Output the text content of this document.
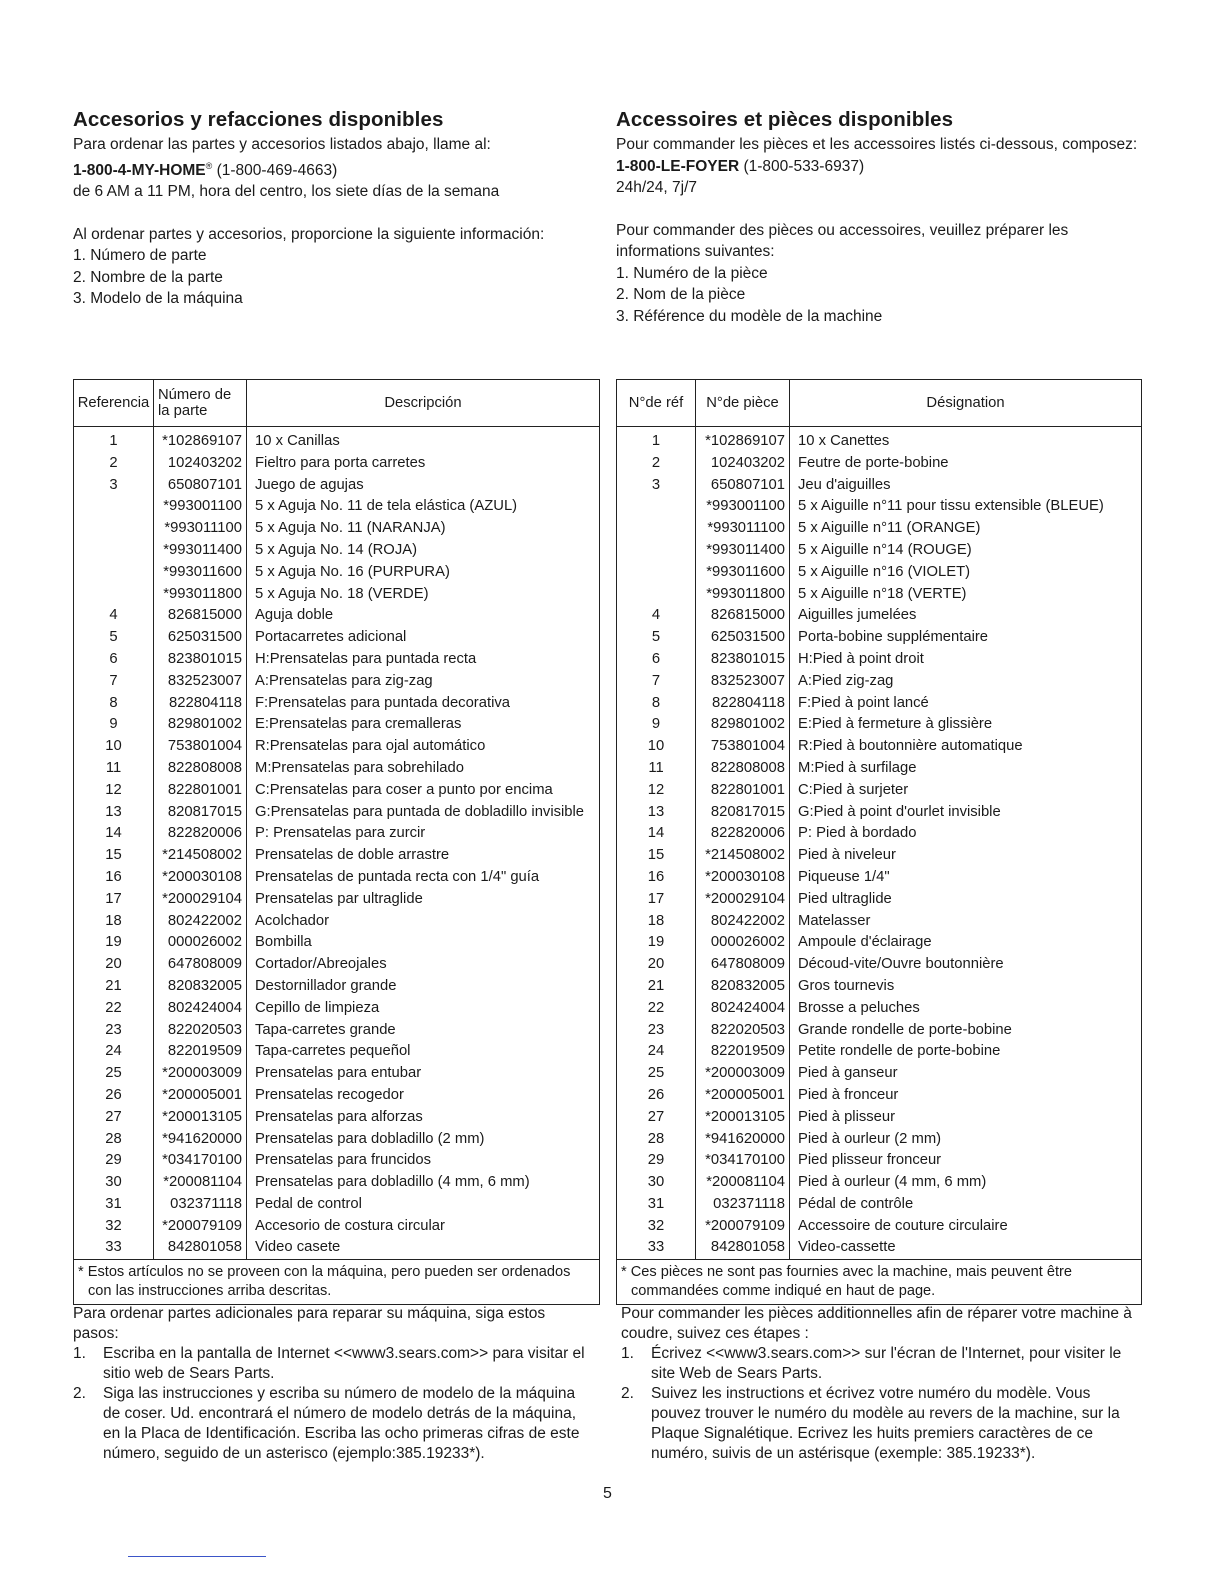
Accesorios y refacciones disponibles

Para ordenar las partes y accesorios listados abajo, llame al:

1-800-4-MY-HOME® (1-800-469-4663)

de 6 AM a 11 PM, hora del centro, los siete días de la semana

Al ordenar partes y accesorios, proporcione la siguiente información:

1. Número de parte

2. Nombre de la parte

3. Modelo de la máquina

Accessoires et pièces disponibles

Pour commander les pièces et les accessoires listés ci-dessous, composez:

1-800-LE-FOYER (1-800-533-6937)

24h/24, 7j/7

Pour commander des pièces ou accessoires, veuillez préparer les informations suivantes:

1. Numéro de la pièce

2. Nom de la pièce

3. Référence du modèle de la machine

Referencia	Número de la parte	Descripción
1	*102869107	10 x Canillas
2	102403202	Fieltro para porta carretes
3	650807101	Juego de agujas
	*993001100	5 x Aguja No. 11 de tela elástica (AZUL)
	*993011100	5 x Aguja No. 11 (NARANJA)
	*993011400	5 x Aguja No. 14 (ROJA)
	*993011600	5 x Aguja No. 16 (PURPURA)
	*993011800	5 x Aguja No. 18 (VERDE)
4	826815000	Aguja doble
5	625031500	Portacarretes adicional
6	823801015	H:Prensatelas para puntada recta
7	832523007	A:Prensatelas para zig-zag
8	822804118	F:Prensatelas para puntada decorativa
9	829801002	E:Prensatelas para cremalleras
10	753801004	R:Prensatelas para ojal automático
11	822808008	M:Prensatelas para sobrehilado
12	822801001	C:Prensatelas para coser a punto por encima
13	820817015	G:Prensatelas para puntada de dobladillo invisible
14	822820006	P: Prensatelas para zurcir
15	*214508002	Prensatelas de doble arrastre
16	*200030108	Prensatelas de puntada recta con 1/4" guía
17	*200029104	Prensatelas par ultraglide
18	802422002	Acolchador
19	000026002	Bombilla
20	647808009	Cortador/Abreojales
21	820832005	Destornillador grande
22	802424004	Cepillo de limpieza
23	822020503	Tapa-carretes grande
24	822019509	Tapa-carretes pequeñol
25	*200003009	Prensatelas para entubar
26	*200005001	Prensatelas recogedor
27	*200013105	Prensatelas para alforzas
28	*941620000	Prensatelas para dobladillo (2 mm)
29	*034170100	Prensatelas para fruncidos
30	*200081104	Prensatelas para dobladillo (4 mm, 6 mm)
31	032371118	Pedal de control
32	*200079109	Accesorio de costura circular
33	842801058	Video casete
* Estos artículos no se proveen con la máquina, pero pueden ser ordenados con las instrucciones arriba descritas.		
N°de réf	N°de pièce	Désignation
1	*102869107	10 x Canettes
2	102403202	Feutre de porte-bobine
3	650807101	Jeu d'aiguilles
	*993001100	5 x Aiguille n°11 pour tissu extensible (BLEUE)
	*993011100	5 x Aiguille n°11 (ORANGE)
	*993011400	5 x Aiguille n°14 (ROUGE)
	*993011600	5 x Aiguille n°16 (VIOLET)
	*993011800	5 x Aiguille n°18 (VERTE)
4	826815000	Aiguilles jumelées
5	625031500	Porta-bobine supplémentaire
6	823801015	H:Pied à point droit
7	832523007	A:Pied zig-zag
8	822804118	F:Pied à point lancé
9	829801002	E:Pied à fermeture à glissière
10	753801004	R:Pied à boutonnière automatique
11	822808008	M:Pied à surfilage
12	822801001	C:Pied à surjeter
13	820817015	G:Pied à point d'ourlet invisible
14	822820006	P: Pied à bordado
15	*214508002	Pied à niveleur
16	*200030108	Piqueuse 1/4"
17	*200029104	Pied ultraglide
18	802422002	Matelasser
19	000026002	Ampoule d'éclairage
20	647808009	Découd-vite/Ouvre boutonnière
21	820832005	Gros tournevis
22	802424004	Brosse a peluches
23	822020503	Grande rondelle de porte-bobine
24	822019509	Petite rondelle de porte-bobine
25	*200003009	Pied à ganseur
26	*200005001	Pied à fronceur
27	*200013105	Pied à plisseur
28	*941620000	Pied à ourleur (2 mm)
29	*034170100	Pied plisseur fronceur
30	*200081104	Pied à ourleur (4 mm, 6 mm)
31	032371118	Pédal de contrôle
32	*200079109	Accessoire de couture circulaire
33	842801058	Video-cassette
* Ces pièces ne sont pas fournies avec la machine, mais peuvent être commandées comme indiqué en haut de page.		

Para ordenar partes adicionales para reparar su máquina, siga estos pasos:

1. Escriba en la pantalla de Internet <<www3.sears.com>> para visitar el sitio web de Sears Parts.
2. Siga las instrucciones y escriba su número de modelo de la máquina de coser. Ud. encontrará el número de modelo detrás de la máquina, en la Placa de Identificación. Escriba las ocho primeras cifras de este número, seguido de un asterisco (ejemplo:385.19233*).

Pour commander les pièces additionnelles afin de réparer votre machine à coudre, suivez ces étapes :

1. Écrivez <<www3.sears.com>> sur l'écran de l'Internet, pour visiter le site Web de Sears Parts.
2. Suivez les instructions et écrivez votre numéro du modèle. Vous pouvez trouver le numéro du modèle au revers de la machine, sur la Plaque Signalétique. Ecrivez les huits premiers caractères de ce numéro, suivis de un astérisque (exemple: 385.19233*).
5
